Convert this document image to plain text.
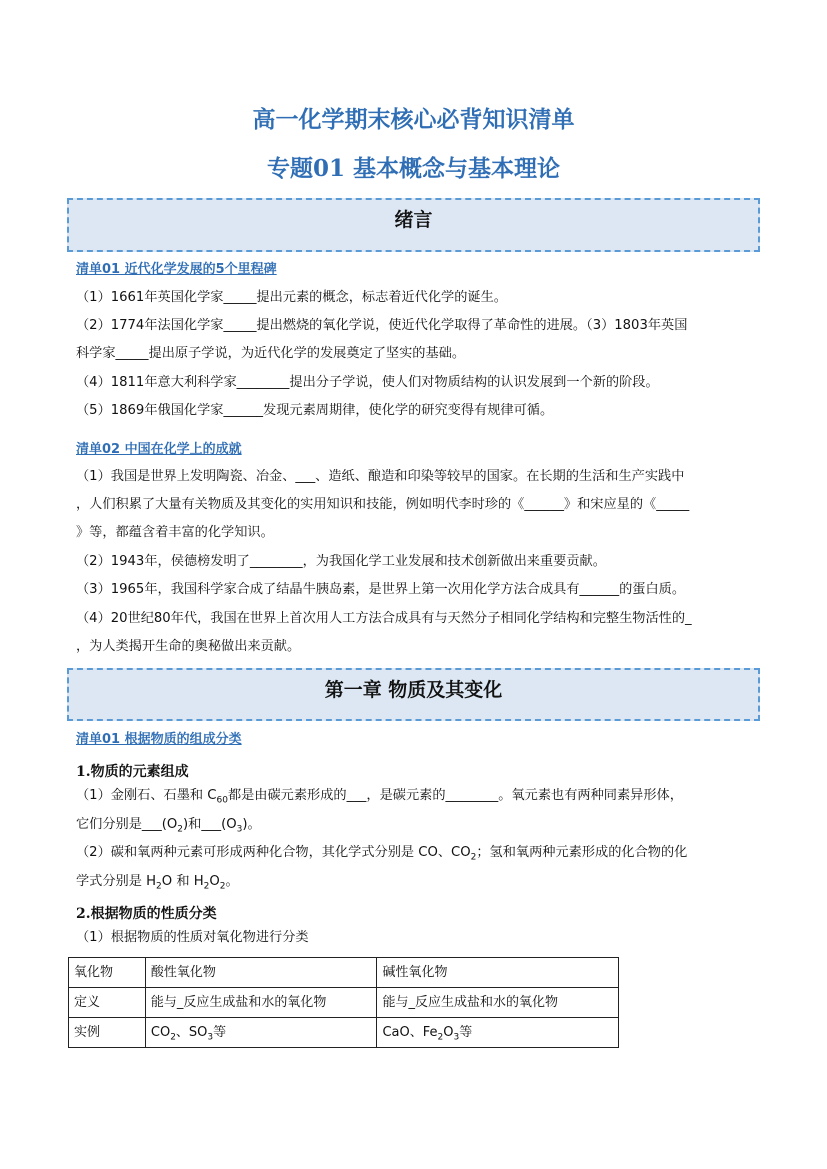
高一化学期末核心必背知识清单
专题01 基本概念与基本理论
绪言
清单01 近代化学发展的5个里程碑
（1）1661年英国化学家_____提出元素的概念，标志着近代化学的诞生。
（2）1774年法国化学家_____提出燃烧的氧化学说，使近代化学取得了革命性的进展。（3）1803年英国
科学家_____提出原子学说，为近代化学的发展奠定了坚实的基础。
（4）1811年意大利科学家________提出分子学说，使人们对物质结构的认识发展到一个新的阶段。
（5）1869年俄国化学家______发现元素周期律，使化学的研究变得有规律可循。
清单02 中国在化学上的成就
（1）我国是世界上发明陶瓷、冶金、___、造纸、酿造和印染等较早的国家。在长期的生活和生产实践中
，人们积累了大量有关物质及其变化的实用知识和技能，例如明代李时珍的《______》和宋应星的《_____
》等，都蕴含着丰富的化学知识。
（2）1943年，侯德榜发明了________，为我国化学工业发展和技术创新做出来重要贡献。
（3）1965年，我国科学家合成了结晶牛胰岛素，是世界上第一次用化学方法合成具有______的蛋白质。
（4）20世纪80年代，我国在世界上首次用人工方法合成具有与天然分子相同化学结构和完整生物活性的_
，为人类揭开生命的奥秘做出来贡献。
第一章 物质及其变化
清单01 根据物质的组成分类
1.物质的元素组成
（1）金刚石、石墨和 $C_{60}$都是由碳元素形成的___，是碳元素的________。氧元素也有两种同素异形体，
它们分别是$\_\_\_(O_2)$和$\_\_\_(O_3)$。
（2）碳和氧两种元素可形成两种化合物，其化学式分别是 CO、$CO_2$；氢和氧两种元素形成的化合物的化
学式分别是 $H_2O$ 和 $H_2O_2$。
2.根据物质的性质分类
（1）根据物质的性质对氧化物进行分类
氧化物	酸性氧化物	碱性氧化物
定义	能与_反应生成盐和水的氧化物	能与_反应生成盐和水的氧化物
实例	$CO_2$、$SO_3$等	CaO、$Fe_2O_3$等
